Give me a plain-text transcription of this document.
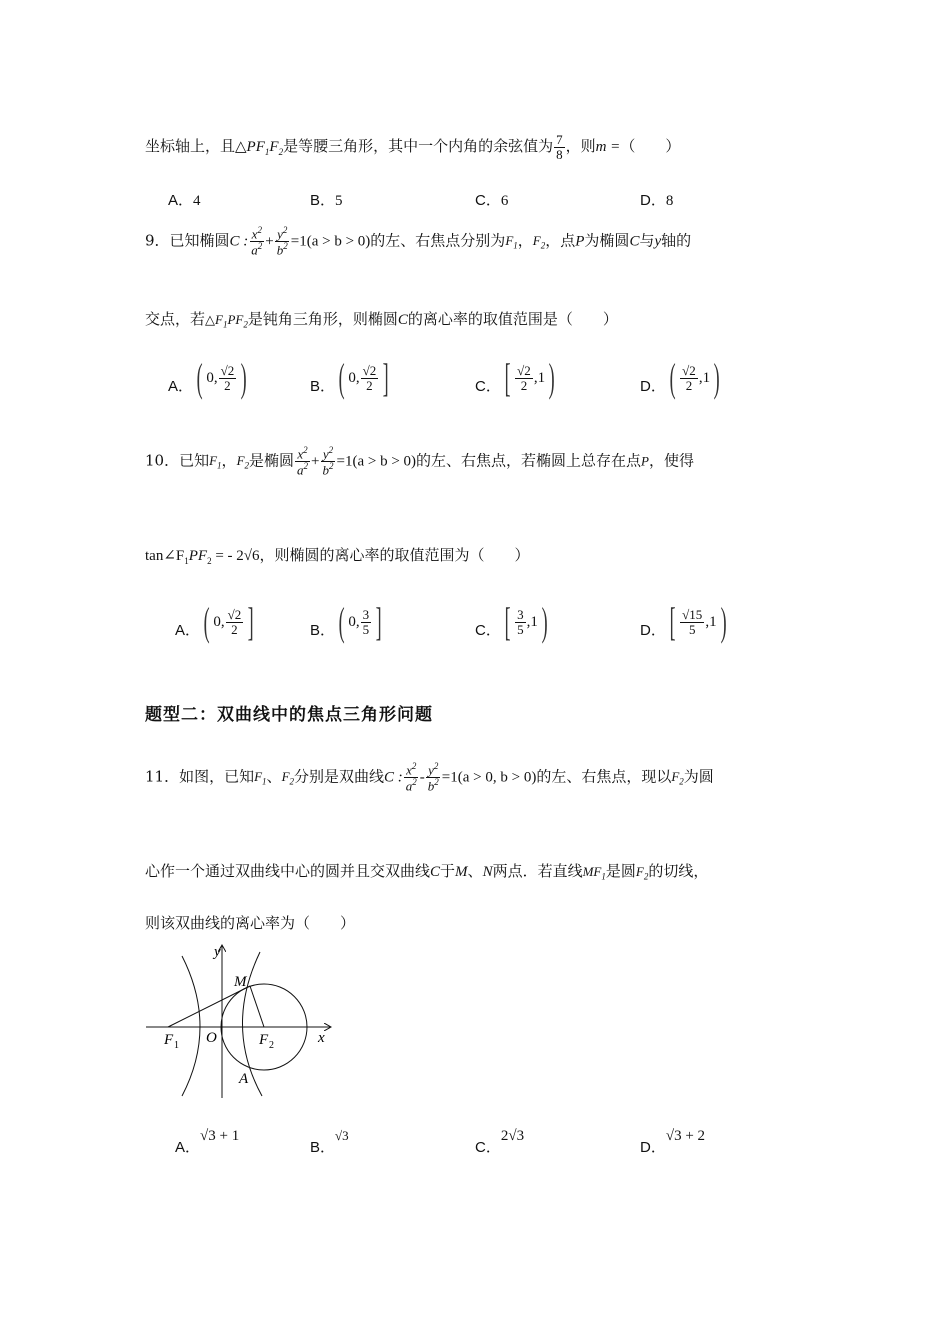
坐标轴上，且$\triangle PF_1F_2$是等腰三角形，其中一个内角的余弦值为 $\frac{7}{8}$ ，则m =（　　）
A．4	B．5	C．6	D．8
9．已知椭圆C : $\frac{x^2}{a^2} + \frac{y^2}{b^2} =1(a > b > 0)$的左、右焦点分别为$F_1$，$F_2$，点P为椭圆C与y轴的
交点，若$\triangle F_1PF_2$是钝角三角形，则椭圆C的离心率的取值范围是（　　）
A． ( 0, $\frac{√2}{2}$ )	B． ( 0, $\frac{√2}{2}$ ]	C． [ $\frac{√2}{2} ,1$ )	D． ( $\frac{√2}{2} ,1$ )
10．已知$F_1$，$F_2$是椭圆 $\frac{x^2}{a^2} + \frac{y^2}{b^2} =1(a > b > 0)$的左、右焦点，若椭圆上总存在点P，使得
$\tan\angle F_1PF_2$ = - 2√6，则椭圆的离心率的取值范围为（　　）
A． ( 0, $\frac{√2}{2}$ ]	B． ( 0, $\frac{3}{5}$ ]	C． [ $\frac{3}{5} ,1$ )	D． [ $\frac{√15}{5} ,1$ )
题型二：双曲线中的焦点三角形问题
11．如图，已知$F_1$、$F_2$分别是双曲线C : $\frac{x^2}{a^2} - \frac{y^2}{b^2} =1(a > 0$, b > 0)的左、右焦点，现以$F_2$为圆
心作一个通过双曲线中心的圆并且交双曲线C于M、N两点．若直线$MF_1$是圆$F_2$的切线，
则该双曲线的离心率为（　　）
y
x
M
O
A
F 1	F 2
A．√3 + 1
B．√3
C．2√3
D．√3 + 2
